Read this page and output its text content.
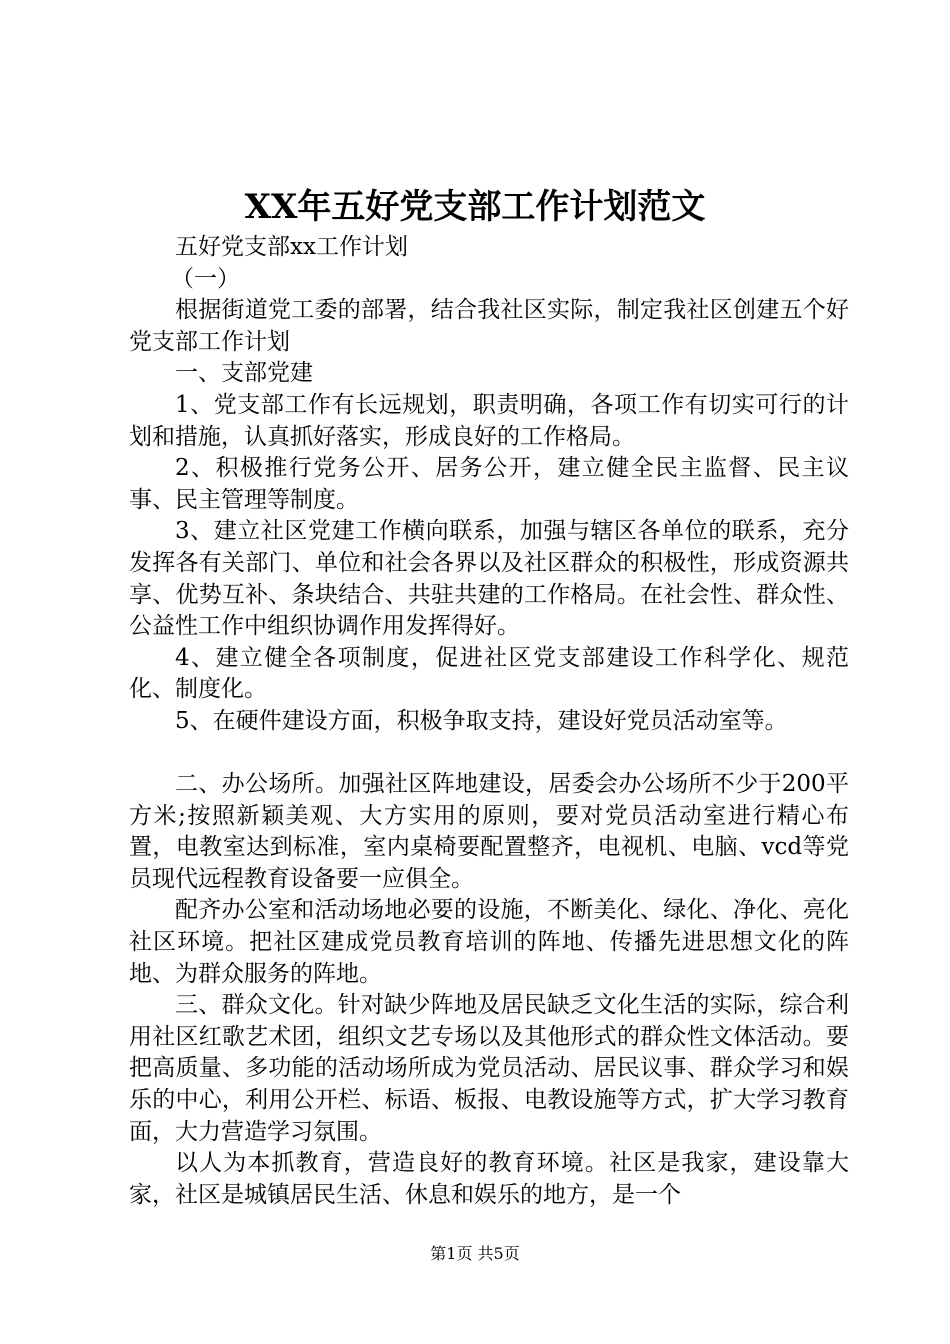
XX年五好党支部工作计划范文

五好党支部xx工作计划

（一）

根据街道党工委的部署，结合我社区实际，制定我社区创建五个好党支部工作计划

一、支部党建

1、党支部工作有长远规划，职责明确，各项工作有切实可行的计划和措施，认真抓好落实，形成良好的工作格局。

2、积极推行党务公开、居务公开，建立健全民主监督、民主议事、民主管理等制度。

3、建立社区党建工作横向联系，加强与辖区各单位的联系，充分发挥各有关部门、单位和社会各界以及社区群众的积极性，形成资源共享、优势互补、条块结合、共驻共建的工作格局。在社会性、群众性、公益性工作中组织协调作用发挥得好。

4、建立健全各项制度，促进社区党支部建设工作科学化、规范化、制度化。

5、在硬件建设方面，积极争取支持，建设好党员活动室等。

二、办公场所。加强社区阵地建设，居委会办公场所不少于200平方米;按照新颖美观、大方实用的原则，要对党员活动室进行精心布置，电教室达到标准，室内桌椅要配置整齐，电视机、电脑、vcd等党员现代远程教育设备要一应俱全。

配齐办公室和活动场地必要的设施，不断美化、绿化、净化、亮化社区环境。把社区建成党员教育培训的阵地、传播先进思想文化的阵地、为群众服务的阵地。

三、群众文化。针对缺少阵地及居民缺乏文化生活的实际，综合利用社区红歌艺术团，组织文艺专场以及其他形式的群众性文体活动。要把高质量、多功能的活动场所成为党员活动、居民议事、群众学习和娱乐的中心，利用公开栏、标语、板报、电教设施等方式，扩大学习教育面，大力营造学习氛围。

以人为本抓教育，营造良好的教育环境。社区是我家，建设靠大家，社区是城镇居民生活、休息和娱乐的地方，是一个

第1页 共5页
